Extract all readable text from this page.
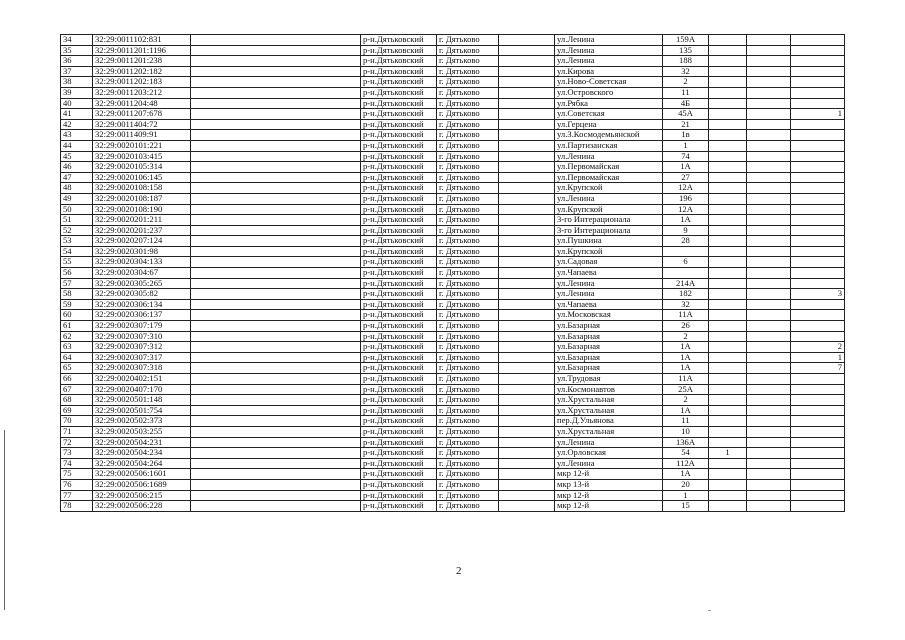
34	32:29:0011102:831		р-н.Дятьковский	г. Дятьково		ул.Ленина	159А			
35	32:29:0011201:1196		р-н.Дятьковский	г. Дятьково		ул.Ленина	135			
36	32:29:0011201:238		р-н.Дятьковский	г. Дятьково		ул.Ленина	188			
37	32:29:0011202:182		р-н.Дятьковский	г. Дятьково		ул.Кирова	32			
38	32:29:0011202:183		р-н.Дятьковский	г. Дятьково		ул.Ново-Советская	2			
39	32:29:0011203:212		р-н.Дятьковский	г. Дятьково		ул.Островского	11			
40	32:29:0011204:48		р-н.Дятьковский	г. Дятьково		ул.Рябка	4Б			
41	32:29:0011207:678		р-н.Дятьковский	г. Дятьково		ул.Советская	45А			1
42	32:29:0011404:72		р-н.Дятьковский	г. Дятьково		ул.Герцена	21			
43	32:29:0011409:91		р-н.Дятьковский	г. Дятьково		ул.З.Космодемьянской	1в			
44	32:29:0020101:221		р-н.Дятьковский	г. Дятьково		ул.Партизанская	1			
45	32:29:0020103:415		р-н.Дятьковский	г. Дятьково		ул.Ленина	74			
46	32:29:0020105:314		р-н.Дятьковский	г. Дятьково		ул.Первомайская	1А			
47	32:29:0020106:145		р-н.Дятьковский	г. Дятьково		ул.Первомайская	27			
48	32:29:0020108:158		р-н.Дятьковский	г. Дятьково		ул.Крупской	12А			
49	32:29:0020108:187		р-н.Дятьковский	г. Дятьково		ул.Ленина	196			
50	32:29:0020108:190		р-н.Дятьковский	г. Дятьково		ул.Крупской	12А			
51	32:29:0020201:211		р-н.Дятьковский	г. Дятьково		3-го Интерационала	1А			
52	32:29:0020201:237		р-н.Дятьковский	г. Дятьково		3-го Интерационала	9			
53	32:29:0020207:124		р-н.Дятьковский	г. Дятьково		ул.Пушкина	28			
54	32:29:0020301:98		р-н.Дятьковский	г. Дятьково		ул.Крупской				
55	32:29:0020304:133		р-н.Дятьковский	г. Дятьково		ул.Садовая	6			
56	32:29:0020304:67		р-н.Дятьковский	г. Дятьково		ул.Чапаева				
57	32:29:0020305:265		р-н.Дятьковский	г. Дятьково		ул.Ленина	214А			
58	32:29:0020305:82		р-н.Дятьковский	г. Дятьково		ул.Ленина	182			3
59	32:29:0020306:134		р-н.Дятьковский	г. Дятьково		ул.Чапаева	32			
60	32:29:0020306:137		р-н.Дятьковский	г. Дятьково		ул.Московская	11А			
61	32:29:0020307:179		р-н.Дятьковский	г. Дятьково		ул.Базарная	26			
62	32:29:0020307:310		р-н.Дятьковский	г. Дятьково		ул.Базарная	2			
63	32:29:0020307:312		р-н.Дятьковский	г. Дятьково		ул.Базарная	1А			2
64	32:29:0020307:317		р-н.Дятьковский	г. Дятьково		ул.Базарная	1А			1
65	32:29:0020307:318		р-н.Дятьковский	г. Дятьково		ул.Базарная	1А			7
66	32:29:0020402:151		р-н.Дятьковский	г. Дятьково		ул.Трудовая	11А			
67	32:29:0020407:170		р-н.Дятьковский	г. Дятьково		ул.Космонавтов	25А			
68	32:29:0020501:148		р-н.Дятьковский	г. Дятьково		ул.Хрустальная	2			
69	32:29:0020501:754		р-н.Дятьковский	г. Дятьково		ул.Хрустальная	1А			
70	32:29:0020502:373		р-н.Дятьковский	г. Дятьково		пер.Д.Ульянова	11			
71	32:29:0020503:255		р-н.Дятьковский	г. Дятьково		ул.Хрустальная	10			
72	32:29:0020504:231		р-н.Дятьковский	г. Дятьково		ул.Ленина	136А			
73	32:29:0020504:234		р-н.Дятьковский	г. Дятьково		ул.Орловская	54	1		
74	32:29:0020504:264		р-н.Дятьковский	г. Дятьково		ул.Ленина	112А			
75	32:29:0020506:1601		р-н.Дятьковский	г. Дятьково		мкр 12-й	1А			
76	32:29:0020506:1689		р-н.Дятьковский	г. Дятьково		мкр 13-й	20			
77	32:29:0020506:215		р-н.Дятьковский	г. Дятьково		мкр 12-й	1			
78	32:29:0020506:228		р-н.Дятьковский	г. Дятьково		мкр 12-й	15			
2
